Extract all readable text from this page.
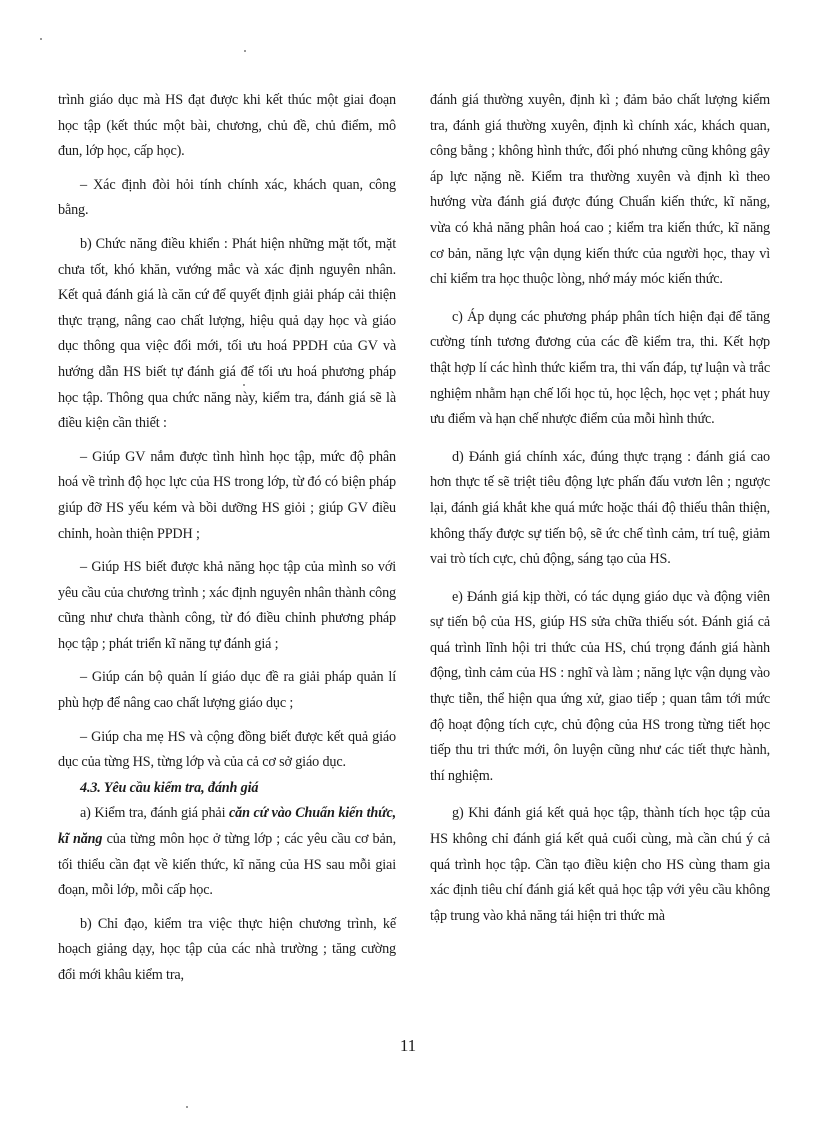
trình giáo dục mà HS đạt được khi kết thúc một giai đoạn học tập (kết thúc một bài, chương, chủ đề, chủ điểm, mô đun, lớp học, cấp học).

– Xác định đòi hỏi tính chính xác, khách quan, công bằng.

b) Chức năng điều khiển : Phát hiện những mặt tốt, mặt chưa tốt, khó khăn, vướng mắc và xác định nguyên nhân. Kết quả đánh giá là căn cứ để quyết định giải pháp cải thiện thực trạng, nâng cao chất lượng, hiệu quả dạy học và giáo dục thông qua việc đổi mới, tối ưu hoá PPDH của GV và hướng dẫn HS biết tự đánh giá để tối ưu hoá phương pháp học tập. Thông qua chức năng này, kiểm tra, đánh giá sẽ là điều kiện cần thiết :

– Giúp GV nắm được tình hình học tập, mức độ phân hoá về trình độ học lực của HS trong lớp, từ đó có biện pháp giúp đỡ HS yếu kém và bồi dưỡng HS giỏi ; giúp GV điều chỉnh, hoàn thiện PPDH ;

– Giúp HS biết được khả năng học tập của mình so với yêu cầu của chương trình ; xác định nguyên nhân thành công cũng như chưa thành công, từ đó điều chỉnh phương pháp học tập ; phát triển kĩ năng tự đánh giá ;

– Giúp cán bộ quản lí giáo dục đề ra giải pháp quản lí phù hợp để nâng cao chất lượng giáo dục ;

– Giúp cha mẹ HS và cộng đồng biết được kết quả giáo dục của từng HS, từng lớp và của cả cơ sở giáo dục.

4.3. Yêu cầu kiểm tra, đánh giá

a) Kiểm tra, đánh giá phải căn cứ vào Chuẩn kiến thức, kĩ năng của từng môn học ở từng lớp ; các yêu cầu cơ bản, tối thiểu cần đạt về kiến thức, kĩ năng của HS sau mỗi giai đoạn, mỗi lớp, mỗi cấp học.

b) Chỉ đạo, kiểm tra việc thực hiện chương trình, kế hoạch giảng dạy, học tập của các nhà trường ; tăng cường đổi mới khâu kiểm tra,

đánh giá thường xuyên, định kì ; đảm bảo chất lượng kiểm tra, đánh giá thường xuyên, định kì chính xác, khách quan, công bằng ; không hình thức, đối phó nhưng cũng không gây áp lực nặng nề. Kiểm tra thường xuyên và định kì theo hướng vừa đánh giá được đúng Chuẩn kiến thức, kĩ năng, vừa có khả năng phân hoá cao ; kiểm tra kiến thức, kĩ năng cơ bản, năng lực vận dụng kiến thức của người học, thay vì chỉ kiểm tra học thuộc lòng, nhớ máy móc kiến thức.

c) Áp dụng các phương pháp phân tích hiện đại để tăng cường tính tương đương của các đề kiểm tra, thi. Kết hợp thật hợp lí các hình thức kiểm tra, thi vấn đáp, tự luận và trắc nghiệm nhằm hạn chế lối học tủ, học lệch, học vẹt ; phát huy ưu điểm và hạn chế nhược điểm của mỗi hình thức.

d) Đánh giá chính xác, đúng thực trạng : đánh giá cao hơn thực tế sẽ triệt tiêu động lực phấn đấu vươn lên ; ngược lại, đánh giá khắt khe quá mức hoặc thái độ thiếu thân thiện, không thấy được sự tiến bộ, sẽ ức chế tình cảm, trí tuệ, giảm vai trò tích cực, chủ động, sáng tạo của HS.

e) Đánh giá kịp thời, có tác dụng giáo dục và động viên sự tiến bộ của HS, giúp HS sửa chữa thiếu sót. Đánh giá cả quá trình lĩnh hội tri thức của HS, chú trọng đánh giá hành động, tình cảm của HS : nghĩ và làm ; năng lực vận dụng vào thực tiễn, thể hiện qua ứng xử, giao tiếp ; quan tâm tới mức độ hoạt động tích cực, chủ động của HS trong từng tiết học tiếp thu tri thức mới, ôn luyện cũng như các tiết thực hành, thí nghiệm.

g) Khi đánh giá kết quả học tập, thành tích học tập của HS không chỉ đánh giá kết quả cuối cùng, mà cần chú ý cả quá trình học tập. Cần tạo điều kiện cho HS cùng tham gia xác định tiêu chí đánh giá kết quả học tập với yêu cầu không tập trung vào khả năng tái hiện tri thức mà

11
